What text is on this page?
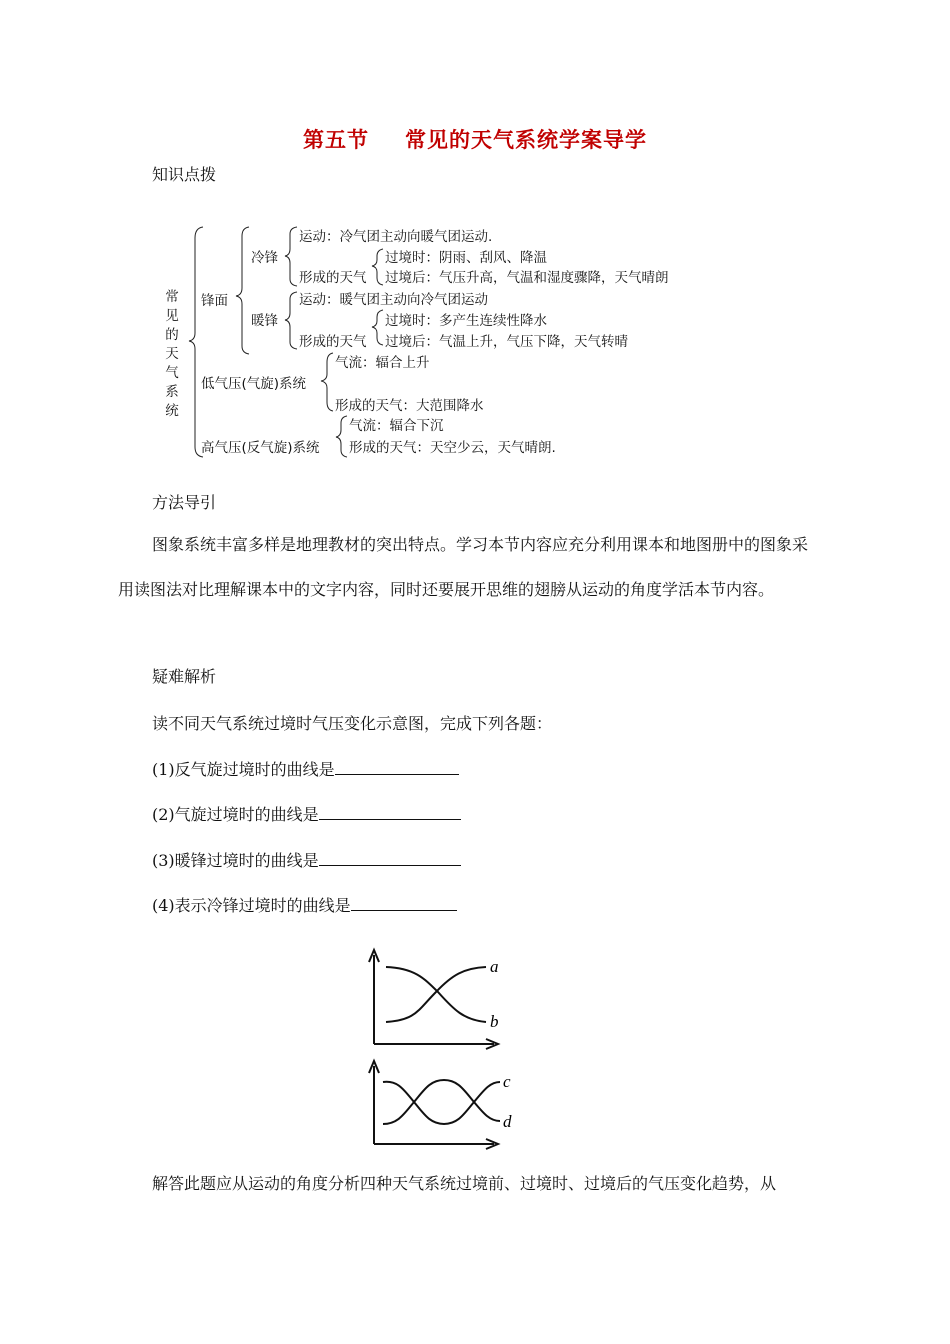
第五节 常见的天气系统学案导学
知识点拨
常见的天气系统
锋面
冷锋
运动：冷气团主动向暖气团运动.
形成的天气
过境时：阴雨、刮风、降温
过境后：气压升高，气温和湿度骤降，天气晴朗
暖锋
运动：暖气团主动向冷气团运动
形成的天气
过境时：多产生连续性降水
过境后：气温上升，气压下降，天气转晴
低气压(气旋)系统
气流：辐合上升
形成的天气：大范围降水
高气压(反气旋)系统
气流：辐合下沉
形成的天气：天空少云，天气晴朗.
方法导引
图象系统丰富多样是地理教材的突出特点。学习本节内容应充分利用课本和地图册中的图象采用读图法对比理解课本中的文字内容，同时还要展开思维的翅膀从运动的角度学活本节内容。
疑难解析
读不同天气系统过境时气压变化示意图，完成下列各题：
(1)反气旋过境时的曲线是
(2)气旋过境时的曲线是
(3)暖锋过境时的曲线是
(4)表示冷锋过境时的曲线是
a
b
c
d
解答此题应从运动的角度分析四种天气系统过境前、过境时、过境后的气压变化趋势，从
